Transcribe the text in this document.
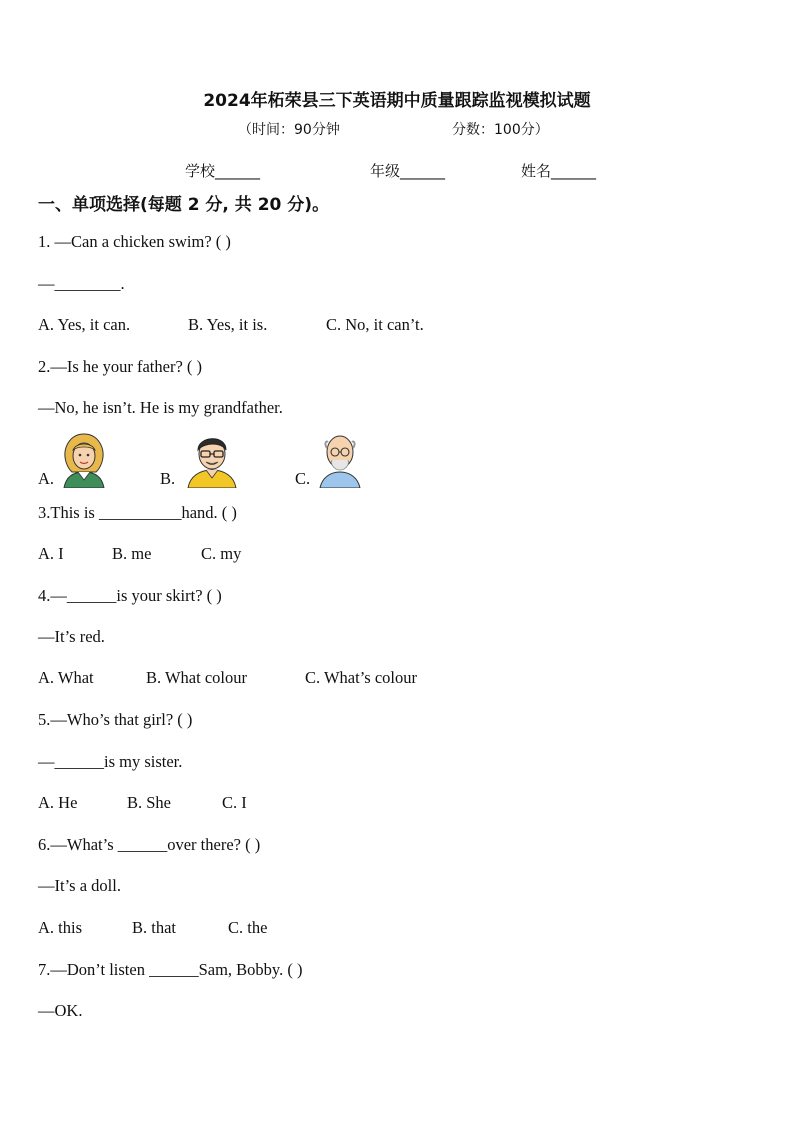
2024年柘荣县三下英语期中质量跟踪监视模拟试题
（时间：90分钟	分数：100分）
学校______	年级______	姓名______
一、单项选择(每题 2 分, 共 20 分)。
1. —Can a chicken swim? ( )
—________.
A. Yes, it can.	B. Yes, it is.	C. No, it can’t.
2.—Is he your father? ( )
—No, he isn’t. He is my grandfather.
A.	B.	C.
3.This is __________hand. ( )
A. I	B. me	C. my
4.—______is your skirt? ( )
—It’s red.
A. What	B. What colour	C. What’s colour
5.—Who’s that girl? ( )
—______is my sister.
A. He	B. She	C. I
6.—What’s ______over there? ( )
—It’s a doll.
A. this	B. that	C. the
7.—Don’t listen ______Sam, Bobby. ( )
—OK.
